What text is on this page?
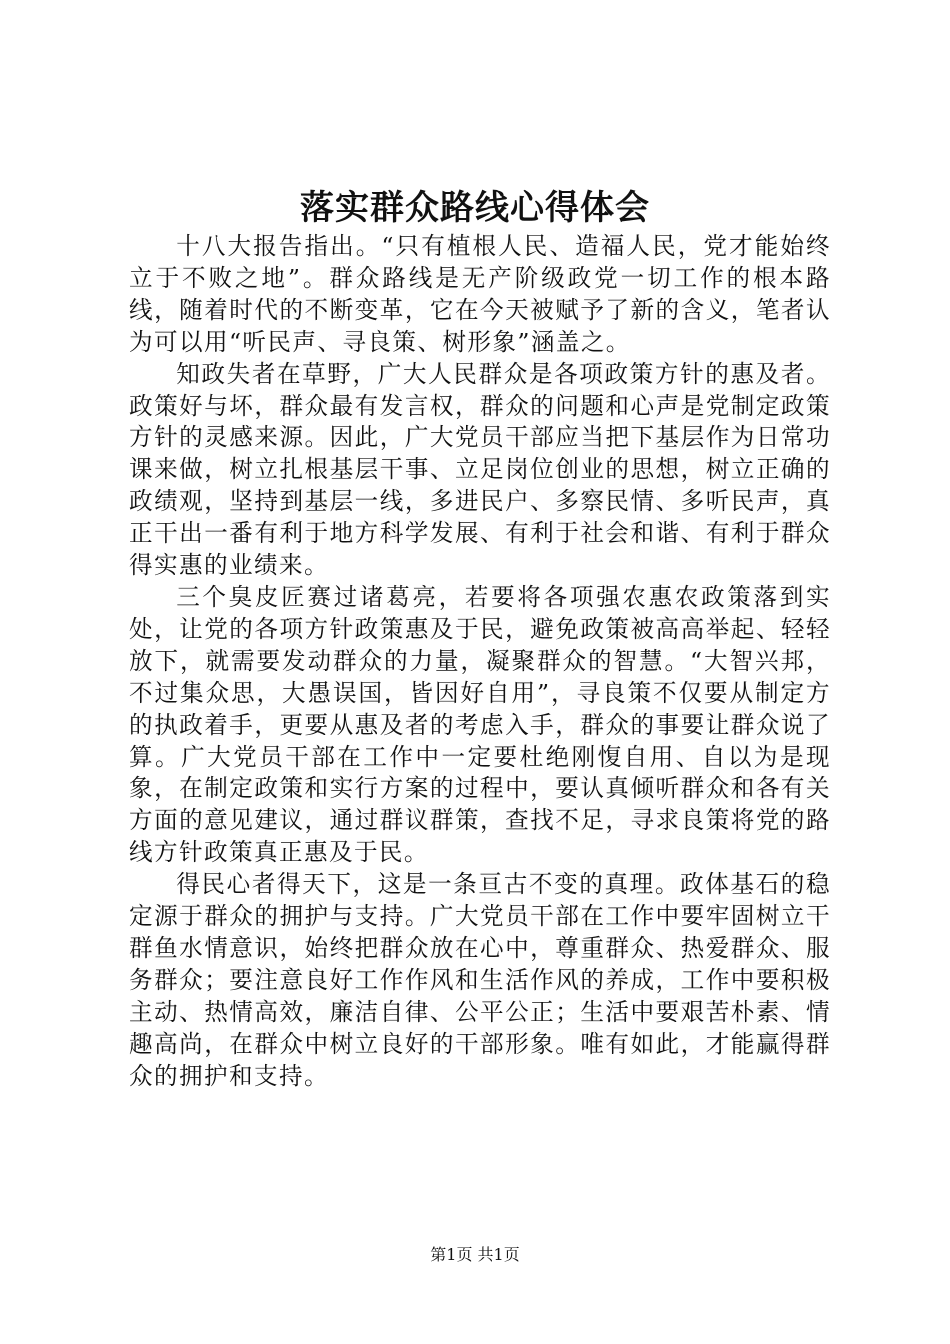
落实群众路线心得体会

十八大报告指出。“只有植根人民、造福人民，党才能始终立于不败之地”。群众路线是无产阶级政党一切工作的根本路线，随着时代的不断变革，它在今天被赋予了新的含义，笔者认为可以用“听民声、寻良策、树形象”涵盖之。

知政失者在草野，广大人民群众是各项政策方针的惠及者。政策好与坏，群众最有发言权，群众的问题和心声是党制定政策方针的灵感来源。因此，广大党员干部应当把下基层作为日常功课来做，树立扎根基层干事、立足岗位创业的思想，树立正确的政绩观，坚持到基层一线，多进民户、多察民情、多听民声，真正干出一番有利于地方科学发展、有利于社会和谐、有利于群众得实惠的业绩来。

三个臭皮匠赛过诸葛亮，若要将各项强农惠农政策落到实处，让党的各项方针政策惠及于民，避免政策被高高举起、轻轻放下，就需要发动群众的力量，凝聚群众的智慧。“大智兴邦，不过集众思，大愚误国，皆因好自用”，寻良策不仅要从制定方的执政着手，更要从惠及者的考虑入手，群众的事要让群众说了算。广大党员干部在工作中一定要杜绝刚愎自用、自以为是现象，在制定政策和实行方案的过程中，要认真倾听群众和各有关方面的意见建议，通过群议群策，查找不足，寻求良策将党的路线方针政策真正惠及于民。

得民心者得天下，这是一条亘古不变的真理。政体基石的稳定源于群众的拥护与支持。广大党员干部在工作中要牢固树立干群鱼水情意识，始终把群众放在心中，尊重群众、热爱群众、服务群众；要注意良好工作作风和生活作风的养成，工作中要积极主动、热情高效，廉洁自律、公平公正；生活中要艰苦朴素、情趣高尚，在群众中树立良好的干部形象。唯有如此，才能赢得群众的拥护和支持。

第1页 共1页
